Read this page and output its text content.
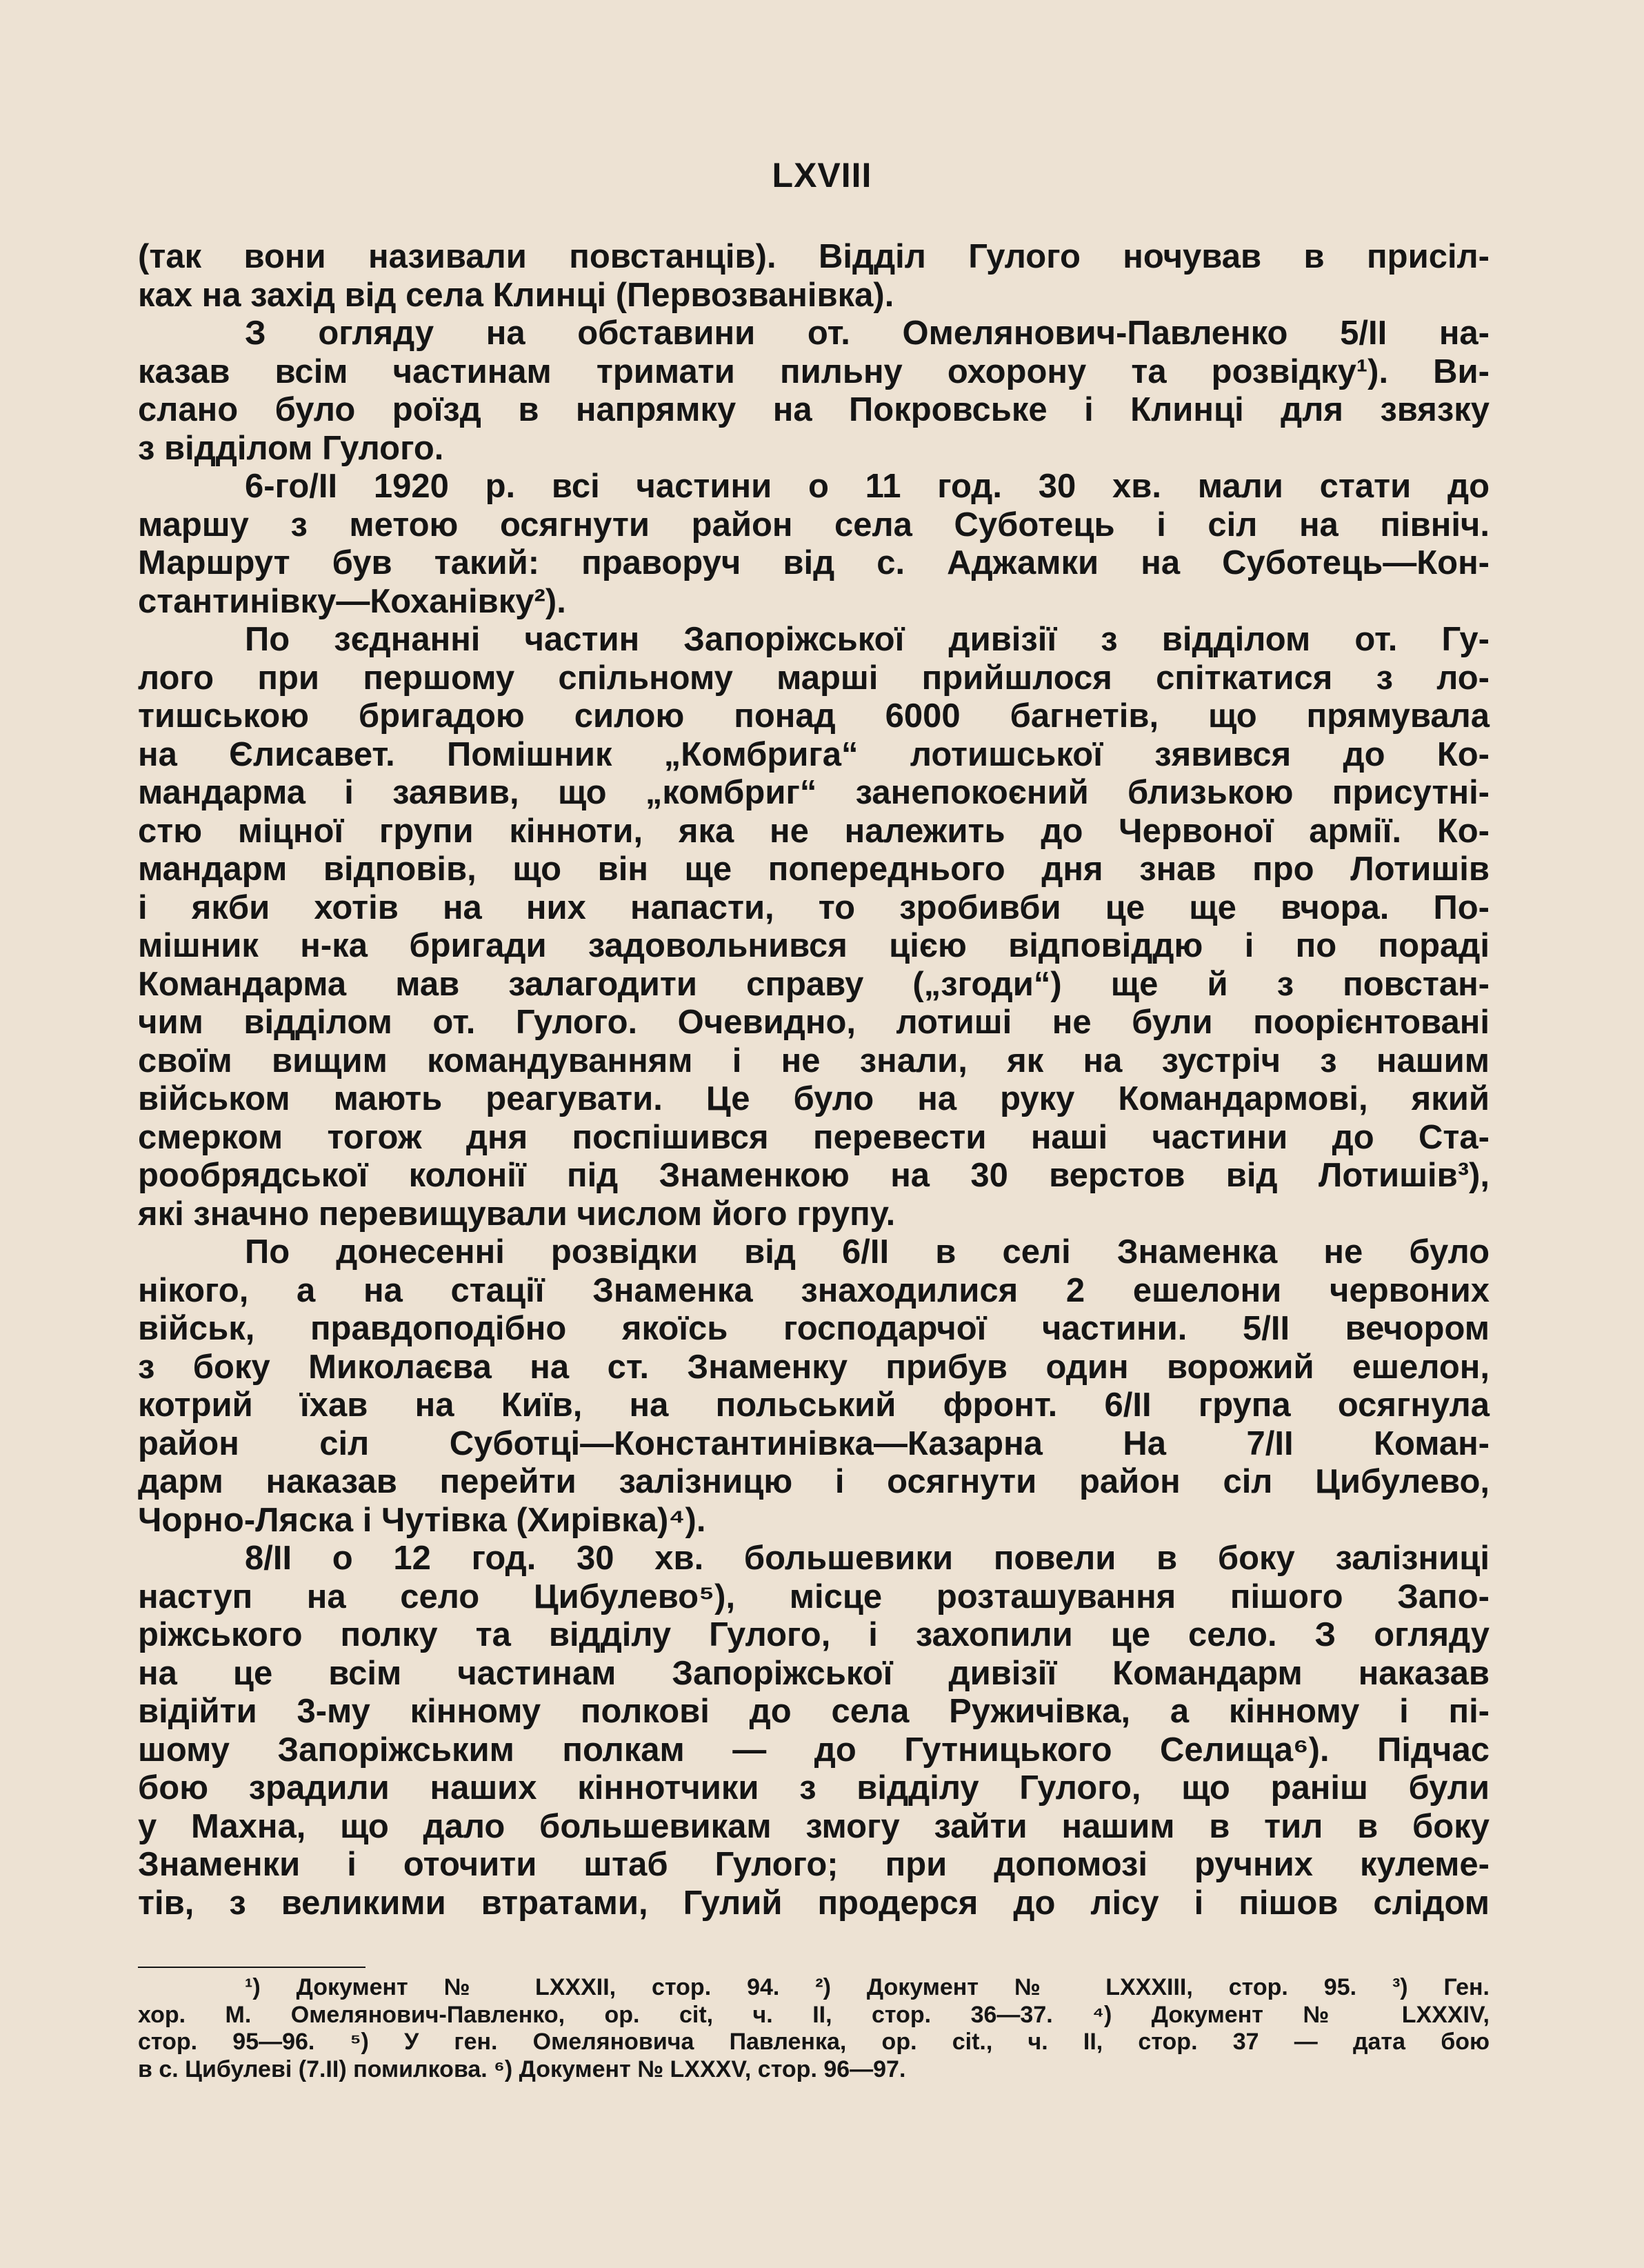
LXVIII
(так вони називали повстанців). Відділ Гулого ночував в присіл-
ках на захід від села Клинці (Первозванівка).
З огляду на обставини от. Омелянович-Павленко 5/II на-
казав всім частинам тримати пильну охорону та розвідку¹). Ви-
слано було роїзд в напрямку на Покровське і Клинці для звязку
з відділом Гулого.
6-го/II 1920 р. всі частини о 11 год. 30 хв. мали стати до
маршу з метою осягнути район села Суботець і сіл на північ.
Маршрут був такий: праворуч від с. Аджамки на Суботець—Кон-
стантинівку—Коханівку²).
По зєднанні частин Запоріжської дивізії з відділом от. Гу-
лого при першому спільному марші прийшлося спіткатися з ло-
тишською бригадою силою понад 6000 багнетів, що прямувала
на Єлисавет. Помішник „Комбрига“ лотишської зявився до Ко-
мандарма і заявив, що „комбриг“ занепокоєний близькою присутні-
стю міцної групи кінноти, яка не належить до Червоної армії. Ко-
мандарм відповів, що він ще попереднього дня знав про Лотишів
і якби хотів на них напасти, то зробивби це ще вчора. По-
мішник н-ка бригади задовольнився цією відповіддю і по пораді
Командарма мав залагодити справу („згоди“) ще й з повстан-
чим відділом от. Гулого. Очевидно, лотиші не були поорієнтовані
своїм вищим командуванням і не знали, як на зустріч з нашим
військом мають реагувати. Це було на руку Командармові, який
смерком тогож дня поспішився перевести наші частини до Ста-
рообрядської колонії під Знаменкою на 30 верстов від Лотишів³),
які значно перевищували числом його групу.
По донесенні розвідки від 6/II в селі Знаменка не було
нікого, а на стації Знаменка знаходилися 2 ешелони червоних
військ, правдоподібно якоїсь господарчої частини. 5/II вечором
з боку Миколаєва на ст. Знаменку прибув один ворожий ешелон,
котрий їхав на Київ, на польський фронт. 6/II група осягнула
район сіл Суботці—Константинівка—Казарна На 7/II Коман-
дарм наказав перейти залізницю і осягнути район сіл Цибулево,
Чорно-Ляска і Чутівка (Хирівка)⁴).
8/II о 12 год. 30 хв. большевики повели в боку залізниці
наступ на село Цибулево⁵), місце розташування пішого Запо-
ріжського полку та відділу Гулого, і захопили це село. З огляду
на це всім частинам Запоріжської дивізії Командарм наказав
відійти 3-му кінному полкові до села Ружичівка, а кінному і пі-
шому Запоріжським полкам — до Гутницького Селища⁶). Підчас
бою зрадили наших кіннотчики з відділу Гулого, що раніш були
у Махна, що дало большевикам змогу зайти нашим в тил в боку
Знаменки і оточити штаб Гулого; при допомозі ручних кулеме-
тів, з великими втратами, Гулий продерся до лісу і пішов слідом
¹) Документ № LXXXII, стор. 94. ²) Документ № LXXXIII, стор. 95. ³) Ген.
хор. М. Омелянович-Павленко, op. cit, ч. II, стор. 36—37. ⁴) Документ № LXXXIV,
стор. 95—96. ⁵) У ген. Омеляновича Павленка, op. cit., ч. II, стор. 37 — дата бою
в с. Цибулеві (7.II) помилкова. ⁶) Документ № LXXXV, стор. 96—97.
